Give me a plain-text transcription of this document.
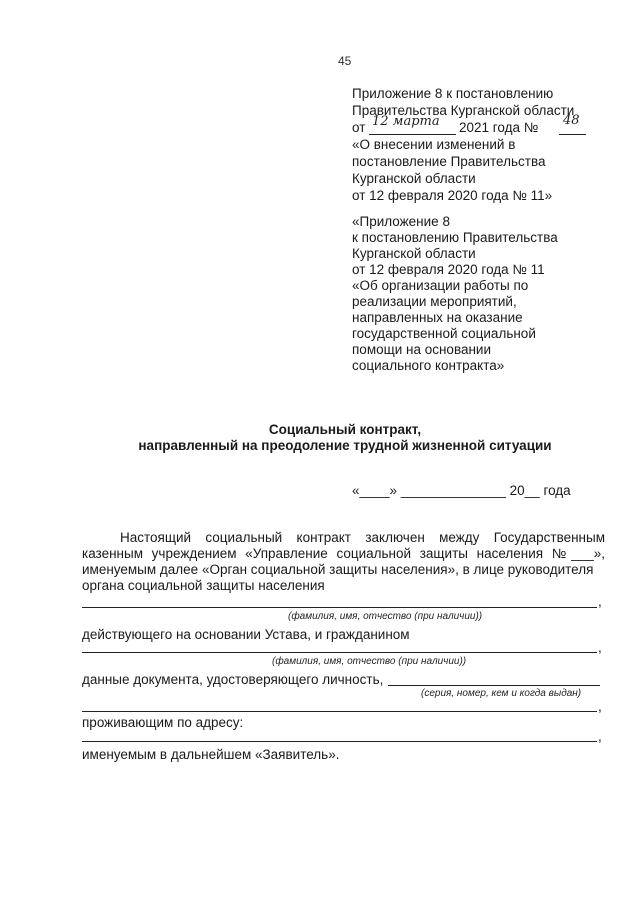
45
Приложение 8 к постановлению
Правительства Курганской области
от 12 марта 2021 года № 48
«О внесении изменений в
постановление Правительства
Курганской области
от 12 февраля 2020 года № 11»
«Приложение 8
к постановлению Правительства
Курганской области
от 12 февраля 2020 года № 11
«Об организации работы по
реализации мероприятий,
направленных на оказание
государственной социальной
помощи на основании
социального контракта»
Социальный контракт,
направленный на преодоление трудной жизненной ситуации
«____» ______________ 20__ года
Настоящий социальный контракт заключен между Государственным
казенным учреждением «Управление социальной защиты населения №___»,
именуемым далее «Орган социальной защиты населения», в лице руководителя
органа социальной защиты населения
,
(фамилия, имя, отчество (при наличии))
действующего на основании Устава, и гражданином
,
(фамилия, имя, отчество (при наличии))
данные документа, удостоверяющего личность,
(серия, номер, кем и когда выдан)
,
проживающим по адресу:
,
именуемым в дальнейшем «Заявитель».
